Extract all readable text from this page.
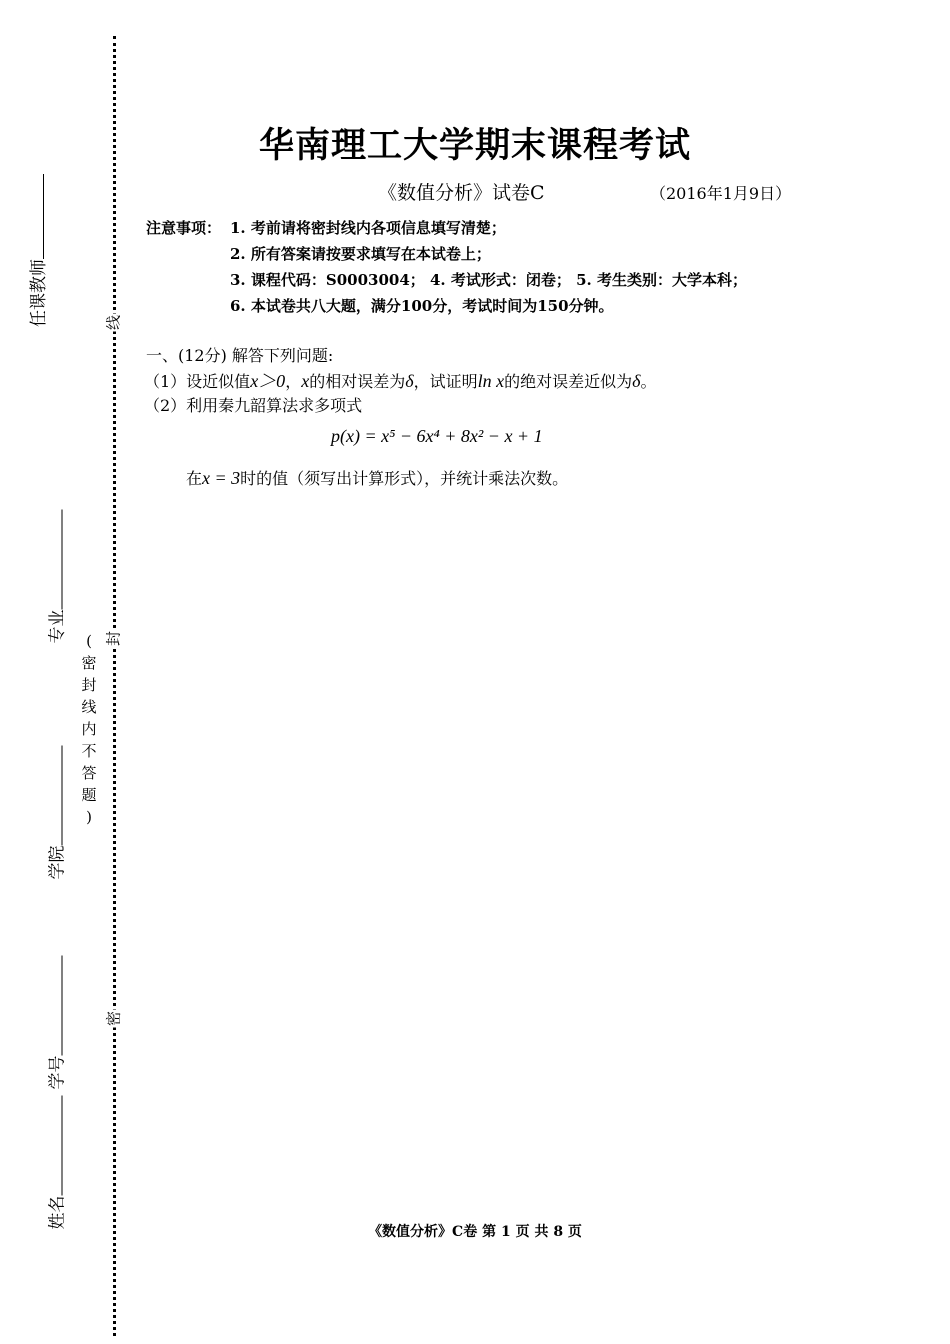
任课教师
专业
学院
学号
姓名
线
封
密
(
密
封
线
内
不
答
题
)
华南理工大学期末课程考试
《数值分析》试卷C	（2016年1月9日）
注意事项： 1. 考前请将密封线内各项信息填写清楚；
2. 所有答案请按要求填写在本试卷上；
3. 课程代码：S0003004； 4. 考试形式：闭卷； 5. 考生类别：大学本科；
6. 本试卷共八大题，满分100分，考试时间为150分钟。
一、(12分) 解答下列问题:
（1）设近似值x＞0，x的相对误差为δ，试证明ln x的绝对误差近似为δ。
（2）利用秦九韶算法求多项式
p(x) = x⁵ − 6x⁴ + 8x² − x + 1
在x = 3时的值（须写出计算形式），并统计乘法次数。
《数值分析》C卷 第 1 页 共 8 页
